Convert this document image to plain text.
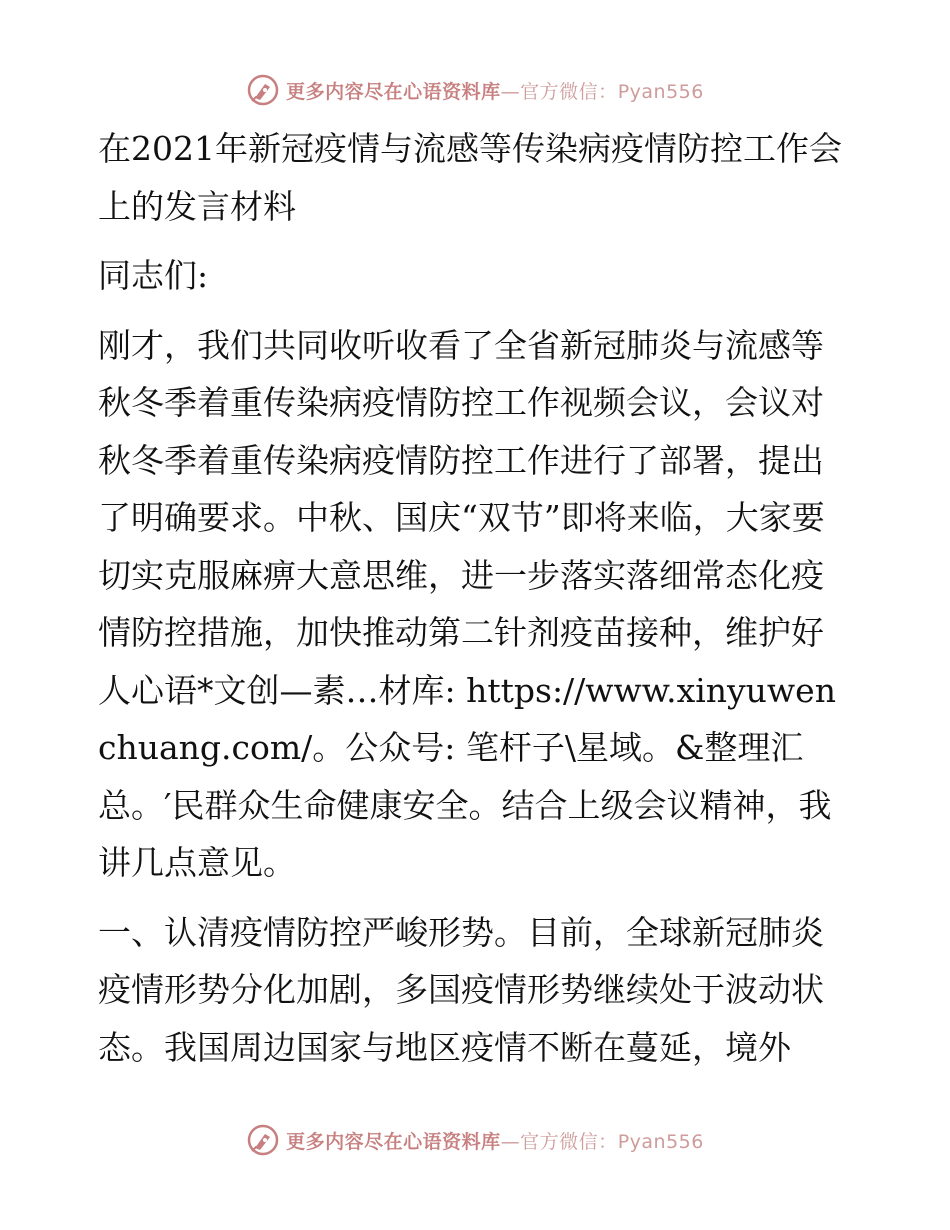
更多内容尽在心语资料库—官方微信：Pyan556

在2021年新冠疫情与流感等传染病疫情防控工作会上的发言材料

同志们:

刚才，我们共同收听收看了全省新冠肺炎与流感等秋冬季着重传染病疫情防控工作视频会议，会议对秋冬季着重传染病疫情防控工作进行了部署，提出了明确要求。中秋、国庆“双节”即将来临，大家要切实克服麻痹大意思维，进一步落实落细常态化疫情防控措施，加快推动第二针剂疫苗接种，维护好人心语*文创—素…材库: https://www.xinyuwenchuang.com/。公众号: 笔杆子\星域。&整理汇总。′民群众生命健康安全。结合上级会议精神，我讲几点意见。

一、认清疫情防控严峻形势。目前，全球新冠肺炎疫情形势分化加剧，多国疫情形势继续处于波动状态。我国周边国家与地区疫情不断在蔓延，境外

更多内容尽在心语资料库—官方微信：Pyan556
